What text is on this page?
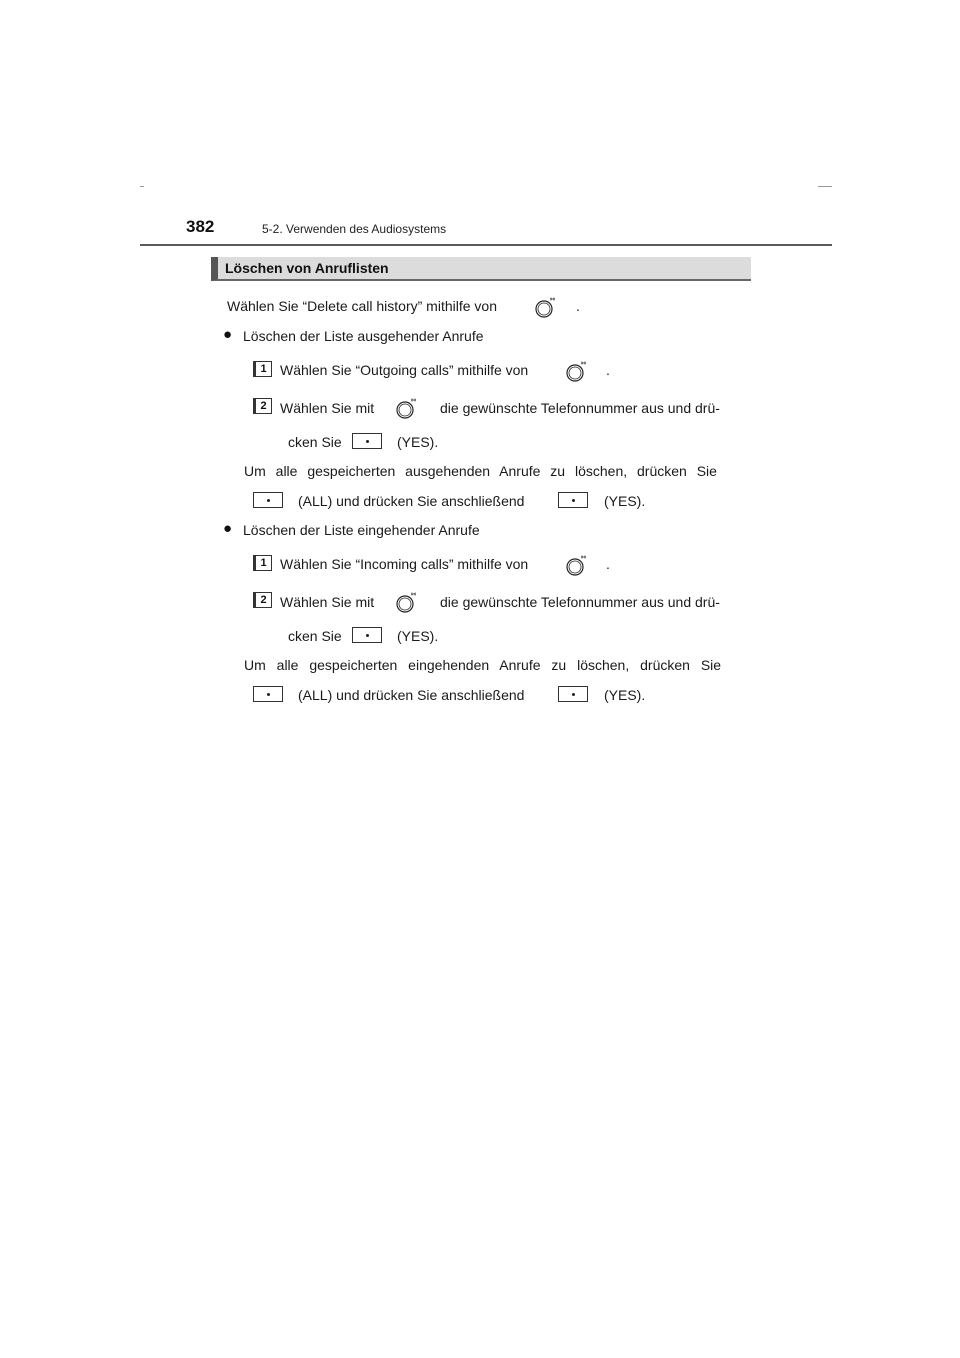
382	5-2. Verwenden des Audiosystems
Löschen von Anruflisten
Wählen Sie “Delete call history” mithilfe von	.
● Löschen der Liste ausgehender Anrufe
1 Wählen Sie “Outgoing calls” mithilfe von	.
2 Wählen Sie mit	die gewünschte Telefonnummer aus und drü-
cken Sie	(YES).
Um alle gespeicherten ausgehenden Anrufe zu löschen, drücken Sie
(ALL) und drücken Sie anschließend	(YES).
● Löschen der Liste eingehender Anrufe
1 Wählen Sie “Incoming calls” mithilfe von	.
2 Wählen Sie mit	die gewünschte Telefonnummer aus und drü-
cken Sie	(YES).
Um alle gespeicherten eingehenden Anrufe zu löschen, drücken Sie
(ALL) und drücken Sie anschließend	(YES).
